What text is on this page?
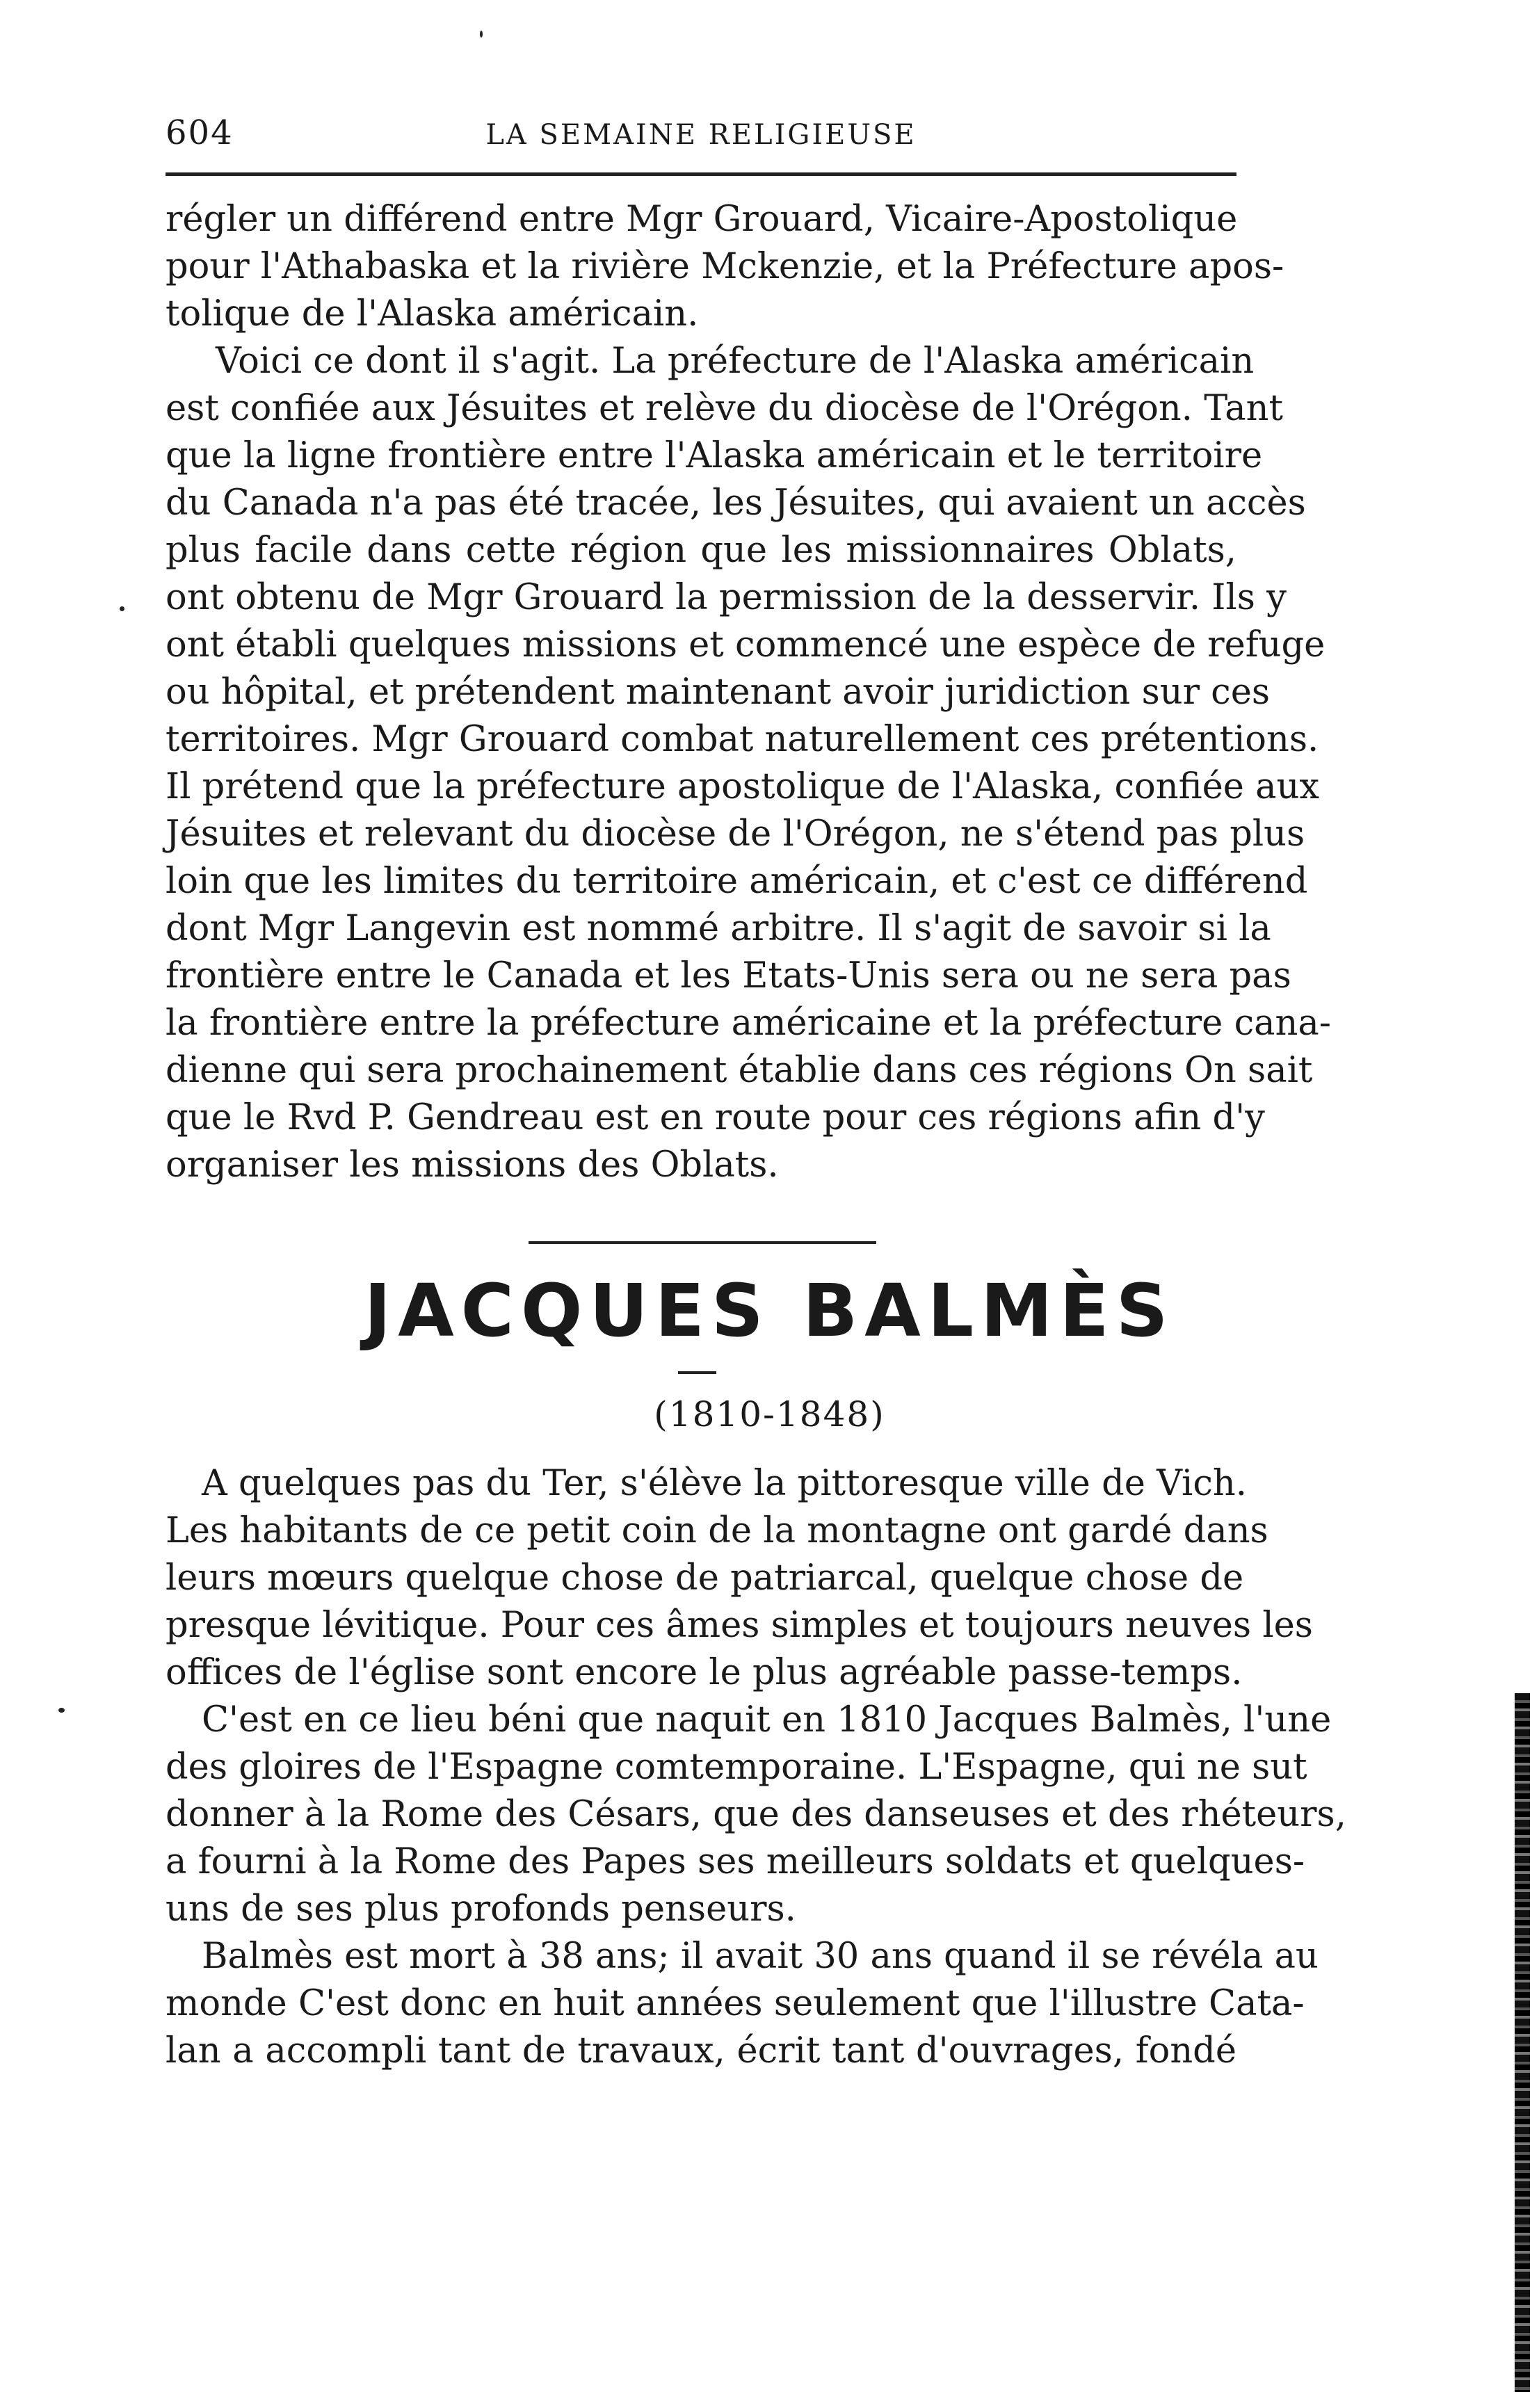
604	LA SEMAINE RELIGIEUSE
régler un différend entre Mgr Grouard, Vicaire-Apostolique
pour l'Athabaska et la rivière Mckenzie, et la Préfecture apos-
tolique de l'Alaska américain.
Voici ce dont il s'agit. La préfecture de l'Alaska américain
est confiée aux Jésuites et relève du diocèse de l'Orégon. Tant
que la ligne frontière entre l'Alaska américain et le territoire
du Canada n'a pas été tracée, les Jésuites, qui avaient un accès
plus facile dans cette région que les missionnaires Oblats,
ont obtenu de Mgr Grouard la permission de la desservir. Ils y
ont établi quelques missions et commencé une espèce de refuge
ou hôpital, et prétendent maintenant avoir juridiction sur ces
territoires. Mgr Grouard combat naturellement ces prétentions.
Il prétend que la préfecture apostolique de l'Alaska, confiée aux
Jésuites et relevant du diocèse de l'Orégon, ne s'étend pas plus
loin que les limites du territoire américain, et c'est ce différend
dont Mgr Langevin est nommé arbitre. Il s'agit de savoir si la
frontière entre le Canada et les Etats-Unis sera ou ne sera pas
la frontière entre la préfecture américaine et la préfecture cana-
dienne qui sera prochainement établie dans ces régions On sait
que le Rvd P. Gendreau est en route pour ces régions afin d'y
organiser les missions des Oblats.
JACQUES BALMÈS
(1810-1848)
A quelques pas du Ter, s'élève la pittoresque ville de Vich.
Les habitants de ce petit coin de la montagne ont gardé dans
leurs mœurs quelque chose de patriarcal, quelque chose de
presque lévitique. Pour ces âmes simples et toujours neuves les
offices de l'église sont encore le plus agréable passe-temps.
C'est en ce lieu béni que naquit en 1810 Jacques Balmès, l'une
des gloires de l'Espagne comtemporaine. L'Espagne, qui ne sut
donner à la Rome des Césars, que des danseuses et des rhéteurs,
a fourni à la Rome des Papes ses meilleurs soldats et quelques-
uns de ses plus profonds penseurs.
Balmès est mort à 38 ans; il avait 30 ans quand il se révéla au
monde C'est donc en huit années seulement que l'illustre Cata-
lan a accompli tant de travaux, écrit tant d'ouvrages, fondé
